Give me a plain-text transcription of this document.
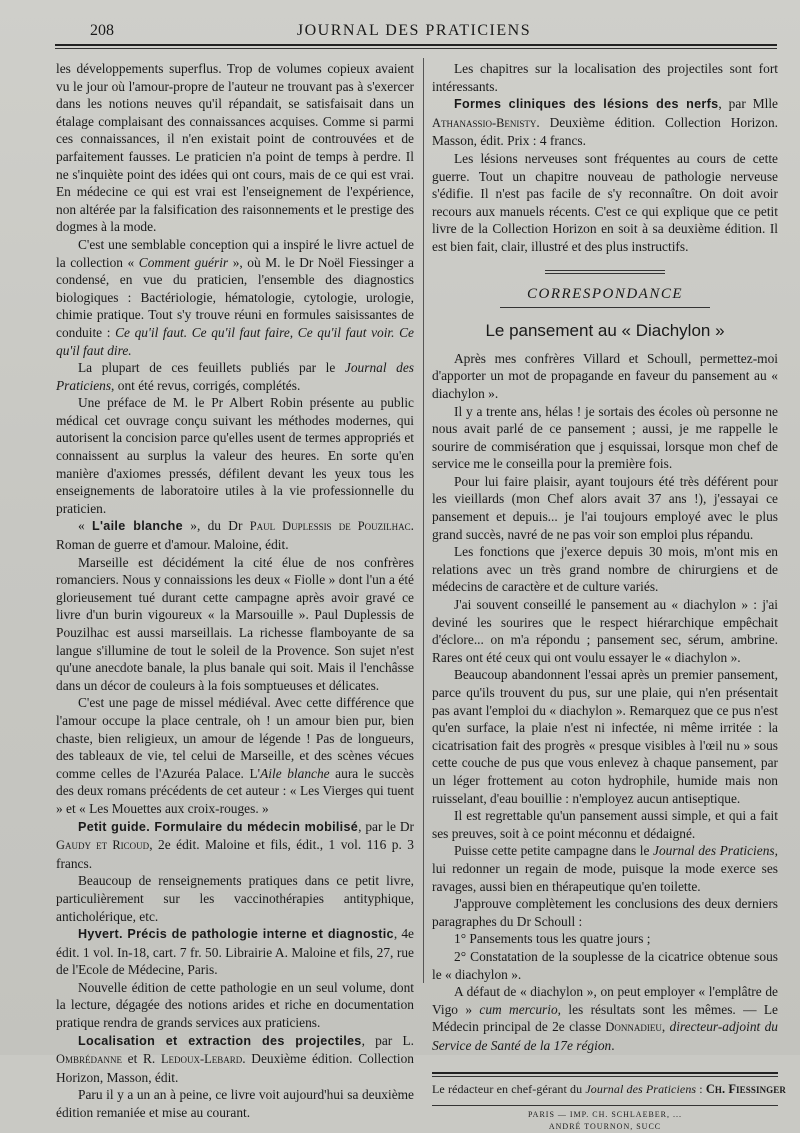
208	JOURNAL DES PRATICIENS

les développements superflus. Trop de volumes copieux avaient vu le jour où l'amour-propre de l'auteur ne trouvant pas à s'exercer dans les notions neuves qu'il répandait, se satisfaisait dans un étalage complaisant des connaissances acquises. Comme si parmi ces connaissances, il n'en existait point de controuvées et de parfaitement fausses. Le praticien n'a point de temps à perdre. Il ne s'inquiète point des idées qui ont cours, mais de ce qui est vrai. En médecine ce qui est vrai est l'enseignement de l'expérience, non altérée par la falsification des raisonnements et le prestige des dogmes à la mode.

C'est une semblable conception qui a inspiré le livre actuel de la collection « Comment guérir », où M. le Dr Noël Fiessinger a condensé, en vue du praticien, l'ensemble des diagnostics biologiques : Bactériologie, hématologie, cytologie, urologie, chimie pratique. Tout s'y trouve réuni en formules saisissantes de conduite : Ce qu'il faut. Ce qu'il faut faire, Ce qu'il faut voir. Ce qu'il faut dire.

La plupart de ces feuillets publiés par le Journal des Praticiens, ont été revus, corrigés, complétés.

Une préface de M. le Pr Albert Robin présente au public médical cet ouvrage conçu suivant les méthodes modernes, qui autorisent la concision parce qu'elles usent de termes appropriés et connaissent au surplus la valeur des heures. En sorte qu'en manière d'axiomes pressés, défilent devant les yeux tous les enseignements de laboratoire utiles à la vie professionnelle du praticien.

« L'aile blanche », du Dr Paul Duplessis de Pouzilhac. Roman de guerre et d'amour. Maloine, édit.

Marseille est décidément la cité élue de nos confrères romanciers. Nous y connaissions les deux « Fiolle » dont l'un a été glorieusement tué durant cette campagne après avoir gravé ce livre d'un burin vigoureux « la Marsouille ». Paul Duplessis de Pouzilhac est aussi marseillais. La richesse flamboyante de sa langue s'illumine de tout le soleil de la Provence. Son sujet n'est qu'une anecdote banale, la plus banale qui soit. Mais il l'enchâsse dans un décor de couleurs à la fois somptueuses et délicates.

C'est une page de missel médiéval. Avec cette différence que l'amour occupe la place centrale, oh ! un amour bien pur, bien chaste, bien religieux, un amour de légende ! Pas de longueurs, des tableaux de vie, tel celui de Marseille, et des scènes vécues comme celles de l'Azuréa Palace. L'Aile blanche aura le succès des deux romans précédents de cet auteur : « Les Vierges qui tuent » et « Les Mouettes aux croix-rouges. »

Petit guide. Formulaire du médecin mobilisé, par le Dr Gaudy et Ricoud, 2e édit. Maloine et fils, édit., 1 vol. 116 p. 3 francs.

Beaucoup de renseignements pratiques dans ce petit livre, particulièrement sur les vaccinothérapies antityphique, anticholérique, etc.

Hyvert. Précis de pathologie interne et diagnostic, 4e édit. 1 vol. In-18, cart. 7 fr. 50. Librairie A. Maloine et fils, 27, rue de l'Ecole de Médecine, Paris.

Nouvelle édition de cette pathologie en un seul volume, dont la lecture, dégagée des notions arides et riche en documentation pratique rendra de grands services aux praticiens.

Localisation et extraction des projectiles, par L. Ombrédanne et R. Ledoux-Lebard. Deuxième édition. Collection Horizon, Masson, édit.

Paru il y a un an à peine, ce livre voit aujourd'hui sa deuxième édition remaniée et mise au courant.

Les chapitres sur la localisation des projectiles sont fort intéressants.

Formes cliniques des lésions des nerfs, par Mlle Athanassio-Benisty. Deuxième édition. Collection Horizon. Masson, édit. Prix : 4 francs.

Les lésions nerveuses sont fréquentes au cours de cette guerre. Tout un chapitre nouveau de pathologie nerveuse s'édifie. Il n'est pas facile de s'y reconnaître. On doit avoir recours aux manuels récents. C'est ce qui explique que ce petit livre de la Collection Horizon en soit à sa deuxième édition. Il est bien fait, clair, illustré et des plus instructifs.

CORRESPONDANCE
Le pansement au « Diachylon »

Après mes confrères Villard et Schoull, permettez-moi d'apporter un mot de propagande en faveur du pansement au « diachylon ».

Il y a trente ans, hélas ! je sortais des écoles où personne ne nous avait parlé de ce pansement ; aussi, je me rappelle le sourire de commisération que j esquissai, lorsque mon chef de service me le conseilla pour la première fois.

Pour lui faire plaisir, ayant toujours été très déférent pour les vieillards (mon Chef alors avait 37 ans !), j'essayai ce pansement et depuis... je l'ai toujours employé avec le plus grand succès, navré de ne pas voir son emploi plus répandu.

Les fonctions que j'exerce depuis 30 mois, m'ont mis en relations avec un très grand nombre de chirurgiens et de médecins de caractère et de culture variés.

J'ai souvent conseillé le pansement au « diachylon » : j'ai deviné les sourires que le respect hiérarchique empêchait d'éclore... on m'a répondu ; pansement sec, sérum, ambrine. Rares ont été ceux qui ont voulu essayer le « diachylon ».

Beaucoup abandonnent l'essai après un premier pansement, parce qu'ils trouvent du pus, sur une plaie, qui n'en présentait pas avant l'emploi du « diachylon ». Remarquez que ce pus n'est qu'en surface, la plaie n'est ni infectée, ni même irritée : la cicatrisation fait des progrès « presque visibles à l'œil nu » sous cette couche de pus que vous enlevez à chaque pansement, par un léger frottement au coton hydrophile, humide mais non ruisselant, d'eau bouillie : n'employez aucun antiseptique.

Il est regrettable qu'un pansement aussi simple, et qui a fait ses preuves, soit à ce point méconnu et dédaigné.

Puisse cette petite campagne dans le Journal des Praticiens, lui redonner un regain de mode, puisque la mode exerce ses ravages, aussi bien en thérapeutique qu'en toilette.

J'approuve complètement les conclusions des deux derniers paragraphes du Dr Schoull :

1° Pansements tous les quatre jours ;

2° Constatation de la souplesse de la cicatrice obtenue sous le « diachylon ».

A défaut de « diachylon », on peut employer « l'emplâtre de Vigo » cum mercurio, les résultats sont les mêmes. — Le Médecin principal de 2e classe Donnadieu, directeur-adjoint du Service de Santé de la 17e région.

Le rédacteur en chef-gérant du Journal des Praticiens : Ch. Fiessinger
PARIS — IMP. CH. SCHLAEBER, ...
ANDRÉ TOURNON, SUCC
